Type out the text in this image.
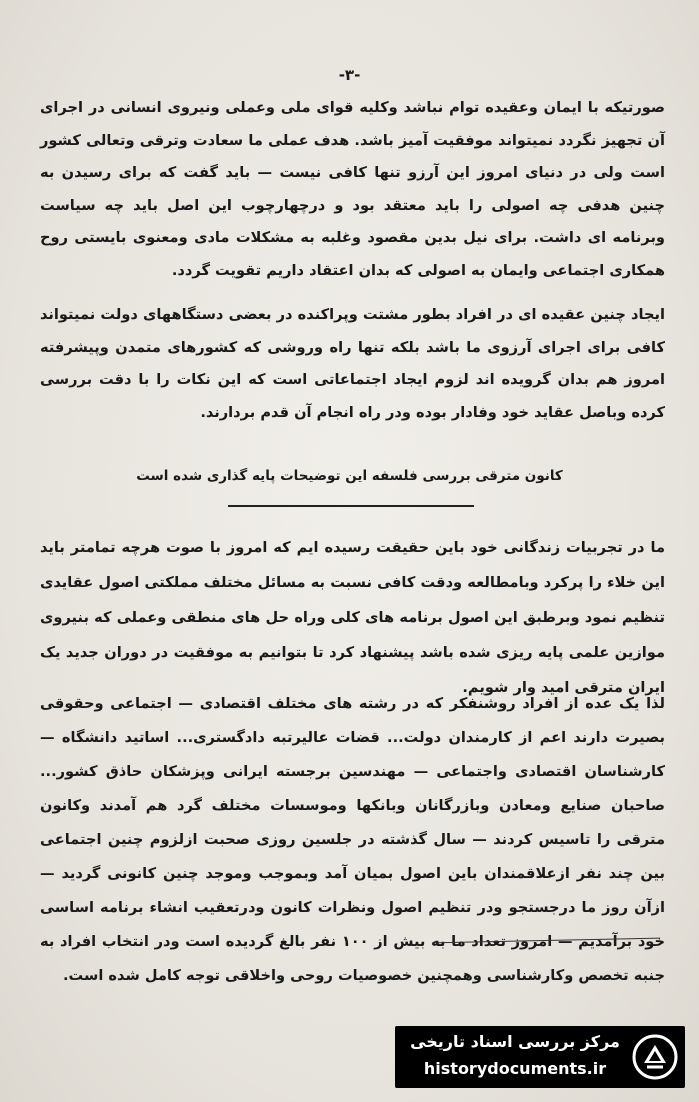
-۳-
صورتیکه با ایمان وعقیده توام نباشد وکلیه قوای ملی وعملی ونیروی انسانی در اجرای آن تجهیز نگردد نمیتواند موفقیت آمیز باشد. هدف عملی ما سعادت وترقی وتعالی کشور است ولی در دنیای امروز این آرزو تنها کافی نیست — باید گفت که برای رسیدن به چنین هدفی چه اصولی را باید معتقد بود و درچهارچوب این اصل باید چه سیاست وبرنامه ای داشت. برای نیل بدین مقصود وغلبه به مشکلات مادی ومعنوی بایستی روح همکاری اجتماعی وایمان به اصولی که بدان اعتقاد داریم تقویت گردد.
ایجاد چنین عقیده ای در افراد بطور مشتت وپراکنده در بعضی دستگاههای دولت نمیتواند کافی برای اجرای آرزوی ما باشد بلکه تنها راه وروشی که کشورهای متمدن وپیشرفته امروز هم بدان گرویده اند لزوم ایجاد اجتماعاتی است که این نکات را با دقت بررسی کرده وباصل عقاید خود وفادار بوده ودر راه انجام آن قدم بردارند.
کانون مترقی بررسی فلسفه این توضیحات پایه گذاری شده است
ما در تجربیات زندگانی خود باین حقیقت رسیده ایم که امروز با صوت هرچه تمامتر باید این خلاء را پرکرد وبامطالعه ودقت کافی نسبت به مسائل مختلف مملکتی اصول عقایدی تنظیم نمود وبرطبق این اصول برنامه های کلی وراه حل های منطقی وعملی که بنیروی موازین علمی پایه ریزی شده باشد پیشنهاد کرد تا بتوانیم به موفقیت در دوران جدید یک ایران مترقی امید وار شویم.
لذا یک عده از افراد روشنفکر که در رشته های مختلف اقتصادی — اجتماعی وحقوقی بصیرت دارند اعم از کارمندان دولت... قضات عالیرتبه دادگستری... اساتید دانشگاه — کارشناسان اقتصادی واجتماعی — مهندسین برجسته ایرانی وپزشکان حاذق کشور... صاحبان صنایع ومعادن وبازرگانان وبانکها وموسسات مختلف گرد هم آمدند وکانون مترقی را تاسیس کردند — سال گذشته در جلسین روزی صحبت ازلزوم چنین اجتماعی بین چند نفر ازعلاقمندان باین اصول بمیان آمد وبموجب وموجد چنین کانونی گردید — ازآن روز ما درجستجو ودر تنظیم اصول ونظرات کانون ودرتعقیب انشاء برنامه اساسی خود برآمدیم — امروز تعداد ما به بیش از ۱۰۰ نفر بالغ گردیده است ودر انتخاب افراد به جنبه تخصص وکارشناسی وهمچنین خصوصیات روحی واخلاقی توجه کامل شده است.
مرکز بررسی اسناد تاریخی
historydocuments.ir
